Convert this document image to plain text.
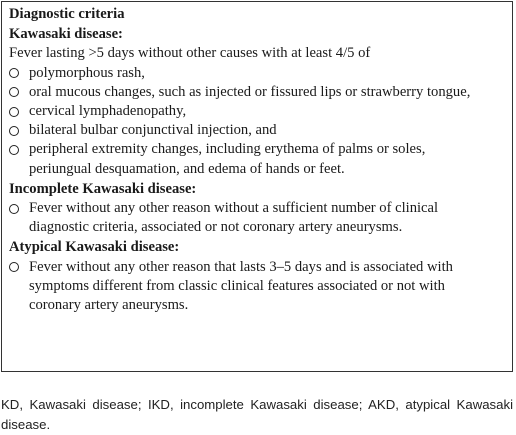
Diagnostic criteria
Kawasaki disease:
Fever lasting >5 days without other causes with at least 4/5 of
polymorphous rash,
oral mucous changes, such as injected or fissured lips or strawberry tongue,
cervical lymphadenopathy,
bilateral bulbar conjunctival injection, and
peripheral extremity changes, including erythema of palms or soles, periungual desquamation, and edema of hands or feet.
Incomplete Kawasaki disease:
Fever without any other reason without a sufficient number of clinical diagnostic criteria, associated or not coronary artery aneurysms.
Atypical Kawasaki disease:
Fever without any other reason that lasts 3–5 days and is associated with symptoms different from classic clinical features associated or not with coronary artery aneurysms.
KD, Kawasaki disease; IKD, incomplete Kawasaki disease; AKD, atypical Kawasaki disease.
